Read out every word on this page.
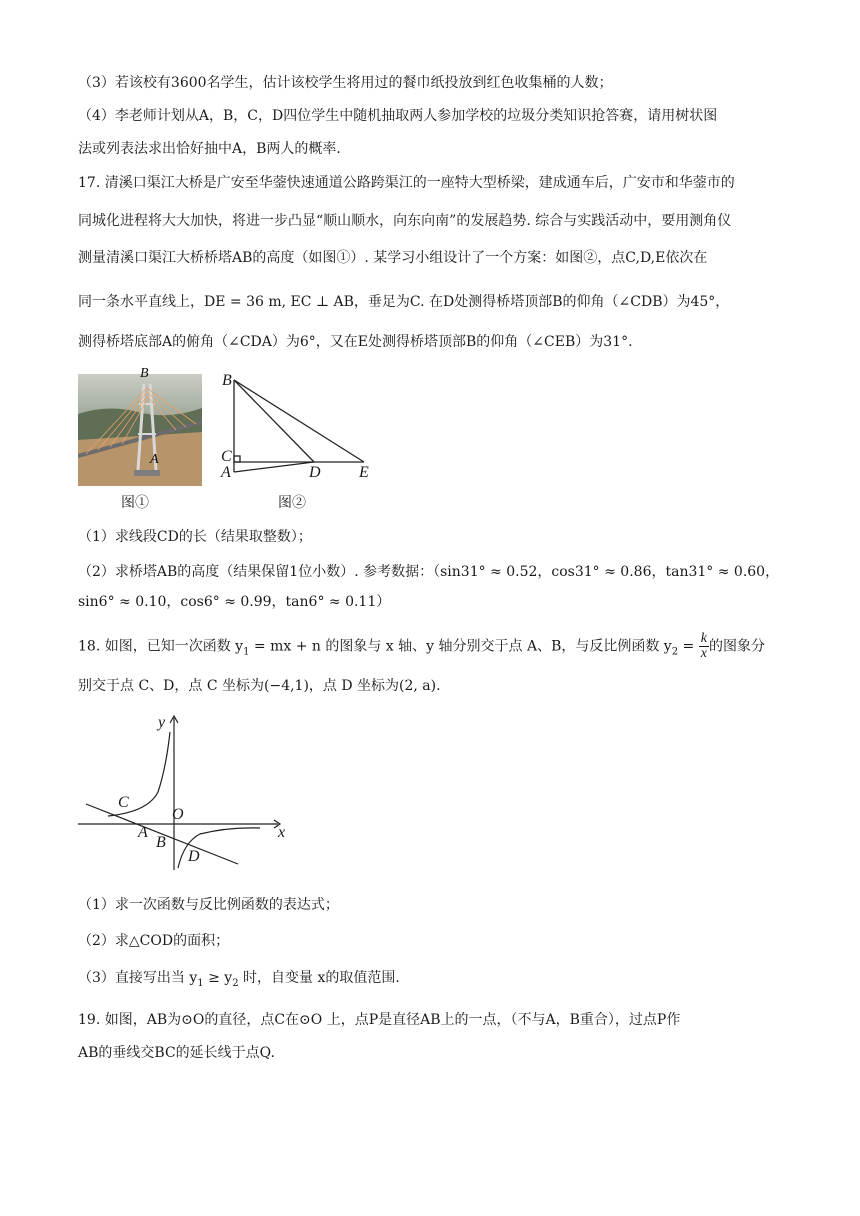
（3）若该校有3600名学生，估计该校学生将用过的餐巾纸投放到红色收集桶的人数；
（4）李老师计划从A，B，C，D四位学生中随机抽取两人参加学校的垃圾分类知识抢答赛，请用树状图
法或列表法求出恰好抽中A，B两人的概率.
17. 清溪口渠江大桥是广安至华蓥快速通道公路跨渠江的一座特大型桥梁，建成通车后，广安市和华蓥市的
同城化进程将大大加快，将进一步凸显“顺山顺水，向东向南”的发展趋势. 综合与实践活动中，要用测角仪
测量清溪口渠江大桥桥塔AB的高度（如图①）. 某学习小组设计了一个方案：如图②，点C,D,E依次在
同一条水平直线上，DE = 36 m, EC ⊥ AB，垂足为C. 在D处测得桥塔顶部B的仰角（∠CDB）为45°，
测得桥塔底部A的俯角（∠CDA）为6°，又在E处测得桥塔顶部B的仰角（∠CEB）为31°.
B
A
图①
B
C
A	D E
图②
（1）求线段CD的长（结果取整数）；
（2）求桥塔AB的高度（结果保留1位小数）. 参考数据：（sin31° ≈ 0.52，cos31° ≈ 0.86，tan31° ≈ 0.60，
sin6° ≈ 0.10，cos6° ≈ 0.99，tan6° ≈ 0.11）
18. 如图，已知一次函数 $y_1$ = mx + n 的图象与 x 轴、y 轴分别交于点 A、B，与反比例函数 $y_2 = \frac{k}{x}$ 的图象分
别交于点 C、D，点 C 坐标为(−4,1)，点 D 坐标为(2, a).
y
x
O
C
A
B
D
（1）求一次函数与反比例函数的表达式；
（2）求△COD的面积；
（3）直接写出当 $y_1 \ge y_2$ 时，自变量 x的取值范围.
19. 如图，AB为⊙O的直径，点C在⊙O 上，点P是直径AB上的一点，（不与A，B重合），过点P作
AB的垂线交BC的延长线于点Q.
